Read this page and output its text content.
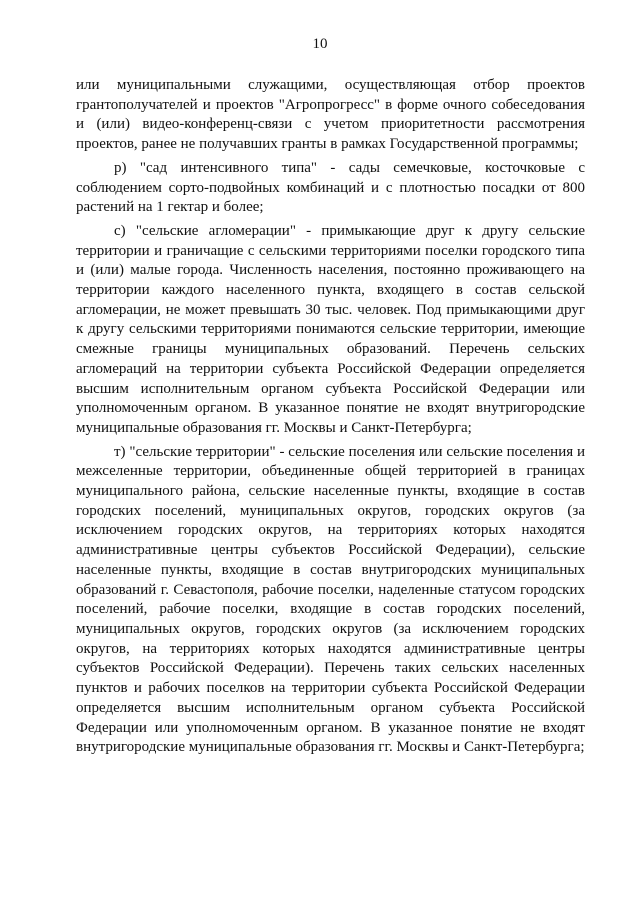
10

или муниципальными служащими, осуществляющая отбор проектов грантополучателей и проектов "Агропрогресс" в форме очного собеседования и (или) видео-конференц-связи с учетом приоритетности рассмотрения проектов, ранее не получавших гранты в рамках Государственной программы;

р) "сад интенсивного типа" - сады семечковые, косточковые с соблюдением сорто-подвойных комбинаций и с плотностью посадки от 800 растений на 1 гектар и более;

с) "сельские агломерации" - примыкающие друг к другу сельские территории и граничащие с сельскими территориями поселки городского типа и (или) малые города. Численность населения, постоянно проживающего на территории каждого населенного пункта, входящего в состав сельской агломерации, не может превышать 30 тыс. человек. Под примыкающими друг к другу сельскими территориями понимаются сельские территории, имеющие смежные границы муниципальных образований. Перечень сельских агломераций на территории субъекта Российской Федерации определяется высшим исполнительным органом субъекта Российской Федерации или уполномоченным органом. В указанное понятие не входят внутригородские муниципальные образования гг. Москвы и Санкт-Петербурга;

т) "сельские территории" - сельские поселения или сельские поселения и межселенные территории, объединенные общей территорией в границах муниципального района, сельские населенные пункты, входящие в состав городских поселений, муниципальных округов, городских округов (за исключением городских округов, на территориях которых находятся административные центры субъектов Российской Федерации), сельские населенные пункты, входящие в состав внутригородских муниципальных образований г. Севастополя, рабочие поселки, наделенные статусом городских поселений, рабочие поселки, входящие в состав городских поселений, муниципальных округов, городских округов (за исключением городских округов, на территориях которых находятся административные центры субъектов Российской Федерации). Перечень таких сельских населенных пунктов и рабочих поселков на территории субъекта Российской Федерации определяется высшим исполнительным органом субъекта Российской Федерации или уполномоченным органом. В указанное понятие не входят внутригородские муниципальные образования гг. Москвы и Санкт-Петербурга;
